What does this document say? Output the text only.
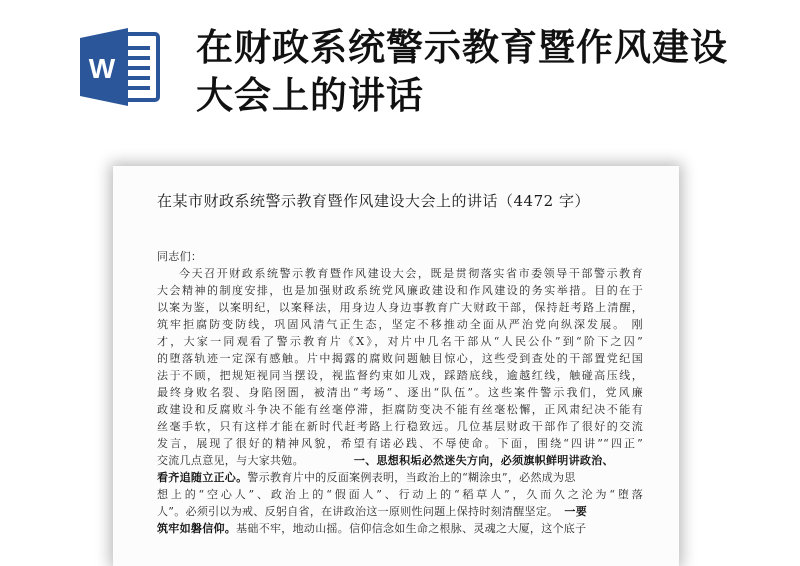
W 在财政系统警示教育暨作风建设
大会上的讲话
在某市财政系统警示教育暨作风建设大会上的讲话（4472 字）
同志们：
今天召开财政系统警示教育暨作风建设大会，既是贯彻落实省市委领导干部警示教育
大会精神的制度安排，也是加强财政系统党风廉政建设和作风建设的务实举措。目的在于
以案为鉴，以案明纪，以案释法，用身边人身边事教育广大财政干部，保持赶考路上清醒，
筑牢拒腐防变防线，巩固风清气正生态，坚定不移推动全面从严治党向纵深发展。 刚
才，大家一同观看了警示教育片《X》，对片中几名干部从“人民公仆”到“阶下之囚”
的堕落轨迹一定深有感触。片中揭露的腐败问题触目惊心，这些受到查处的干部置党纪国
法于不顾，把规矩视同当摆设，视监督约束如儿戏，踩踏底线，逾越红线，触碰高压线，
最终身败名裂、身陷囹圄，被清出“考场”、逐出“队伍”。这些案件警示我们，党风廉
政建设和反腐败斗争决不能有丝毫停滞，拒腐防变决不能有丝毫松懈，正风肃纪决不能有
丝毫手软，只有这样才能在新时代赶考路上行稳致远。几位基层财政干部作了很好的交流
发言，展现了很好的精神风貌，希望有诺必践、不辱使命。下面，围绕“四讲”“四正”
交流几点意见，与大家共勉。	一、思想积垢必然迷失方向，必须旗帜鲜明讲政治、
看齐追随立正心。警示教育片中的反面案例表明，当政治上的“糊涂虫”，必然成为思
想上的“空心人”、政治上的“假面人”、行动上的“稻草人”，久而久之沦为“堕落
人”。必须引以为戒、反躬自省，在讲政治这一原则性问题上保持时刻清醒坚定。 一要
筑牢如磐信仰。基础不牢，地动山摇。信仰信念如生命之根脉、灵魂之大厦，这个底子
